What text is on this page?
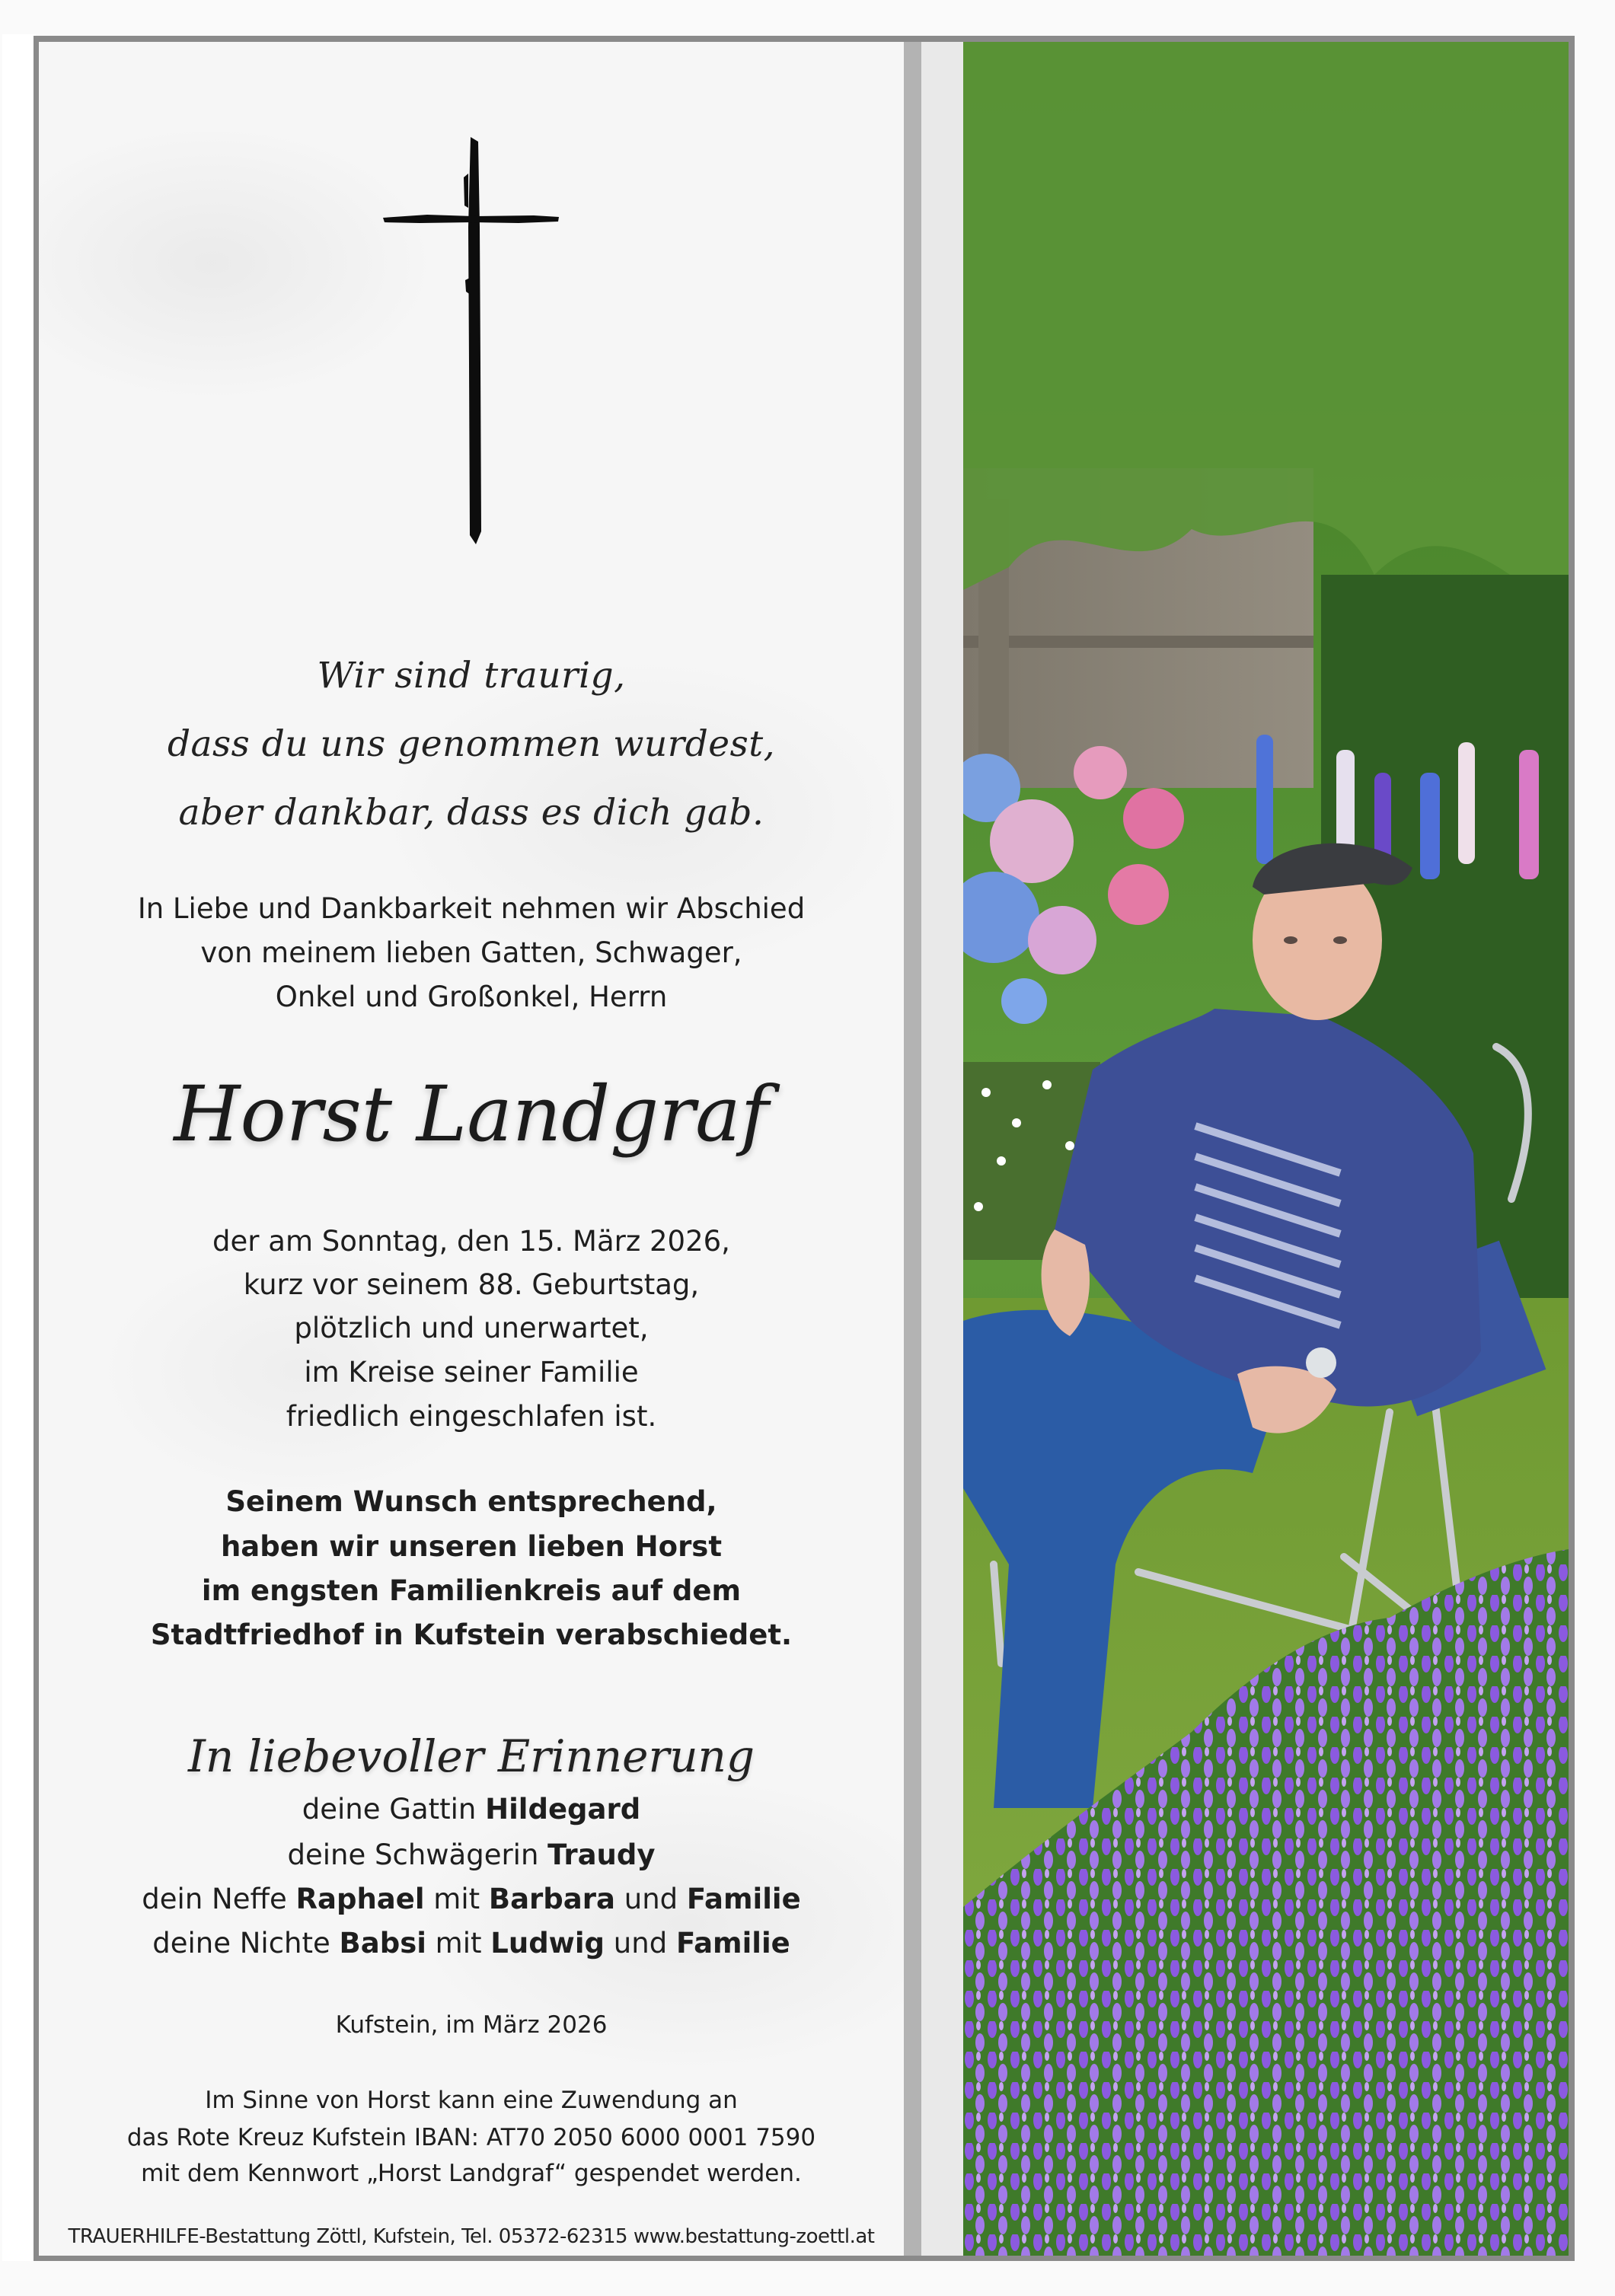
Wir sind traurig,
dass du uns genommen wurdest,
aber dankbar, dass es dich gab.
In Liebe und Dankbarkeit nehmen wir Abschied
von meinem lieben Gatten, Schwager,
Onkel und Großonkel, Herrn
Horst Landgraf
der am Sonntag, den 15. März 2026,
kurz vor seinem 88. Geburtstag,
plötzlich und unerwartet,
im Kreise seiner Familie
friedlich eingeschlafen ist.
Seinem Wunsch entsprechend,
haben wir unseren lieben Horst
im engsten Familienkreis auf dem
Stadtfriedhof in Kufstein verabschiedet.
In liebevoller Erinnerung
deine Gattin Hildegard
deine Schwägerin Traudy
dein Neffe Raphael mit Barbara und Familie
deine Nichte Babsi mit Ludwig und Familie
Kufstein, im März 2026
Im Sinne von Horst kann eine Zuwendung an
das Rote Kreuz Kufstein IBAN: AT70 2050 6000 0001 7590
mit dem Kennwort „Horst Landgraf“ gespendet werden.
TRAUERHILFE-Bestattung Zöttl, Kufstein, Tel. 05372-62315 www.bestattung-zoettl.at
